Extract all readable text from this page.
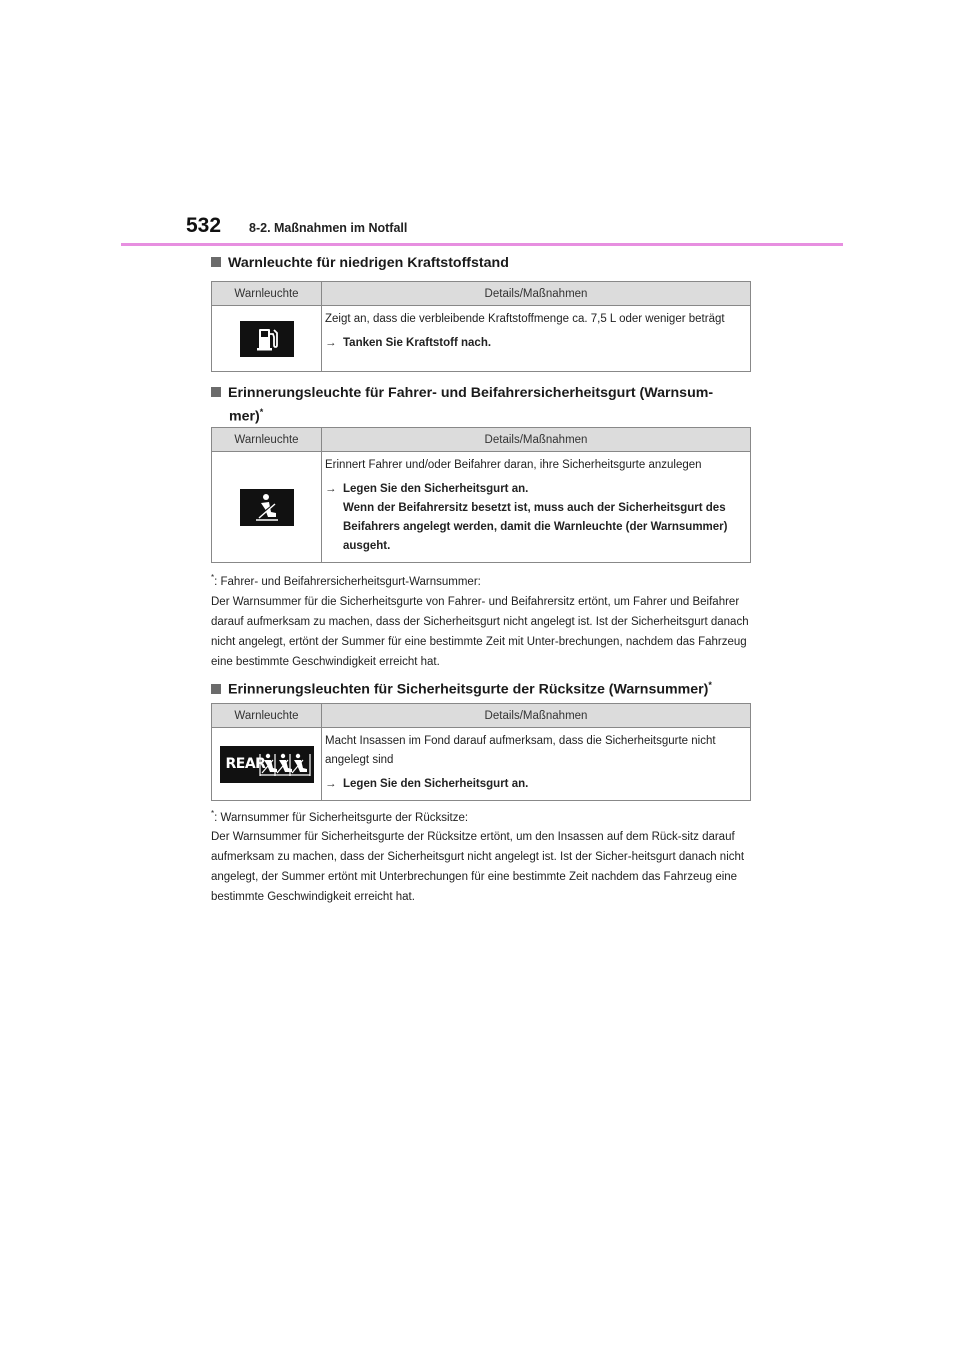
532 8-2. Maßnahmen im Notfall
Warnleuchte für niedrigen Kraftstoffstand
Warnleuchte	Details/Maßnahmen

Zeigt an, dass die verbleibende Kraftstoffmenge ca. 7,5 L oder weniger beträgt
→ Tanken Sie Kraftstoff nach.
Erinnerungsleuchte für Fahrer- und Beifahrersicherheitsgurt (Warnsum-
mer)*
Warnleuchte	Details/Maßnahmen

Erinnert Fahrer und/oder Beifahrer daran, ihre Sicherheitsgurte anzulegen
→ Legen Sie den Sicherheitsgurt an.
Wenn der Beifahrersitz besetzt ist, muss auch der Sicherheitsgurt des Beifahrers angelegt werden, damit die Warnleuchte (der Warnsummer) ausgeht.
*: Fahrer- und Beifahrersicherheitsgurt-Warnsummer:
Der Warnsummer für die Sicherheitsgurte von Fahrer- und Beifahrersitz ertönt, um Fahrer und Beifahrer darauf aufmerksam zu machen, dass der Sicherheitsgurt nicht angelegt ist. Ist der Sicherheitsgurt danach nicht angelegt, ertönt der Summer für eine bestimmte Zeit mit Unter-brechungen, nachdem das Fahrzeug eine bestimmte Geschwindigkeit erreicht hat.
Erinnerungsleuchten für Sicherheitsgurte der Rücksitze (Warnsummer)*
Warnleuchte	Details/Maßnahmen

REAR	Macht Insassen im Fond darauf aufmerksam, dass die Sicherheitsgurte nicht angelegt sind
→ Legen Sie den Sicherheitsgurt an.
*: Warnsummer für Sicherheitsgurte der Rücksitze:
Der Warnsummer für Sicherheitsgurte der Rücksitze ertönt, um den Insassen auf dem Rück-sitz darauf aufmerksam zu machen, dass der Sicherheitsgurt nicht angelegt ist. Ist der Sicher-heitsgurt danach nicht angelegt, der Summer ertönt mit Unterbrechungen für eine bestimmte Zeit nachdem das Fahrzeug eine bestimmte Geschwindigkeit erreicht hat.
